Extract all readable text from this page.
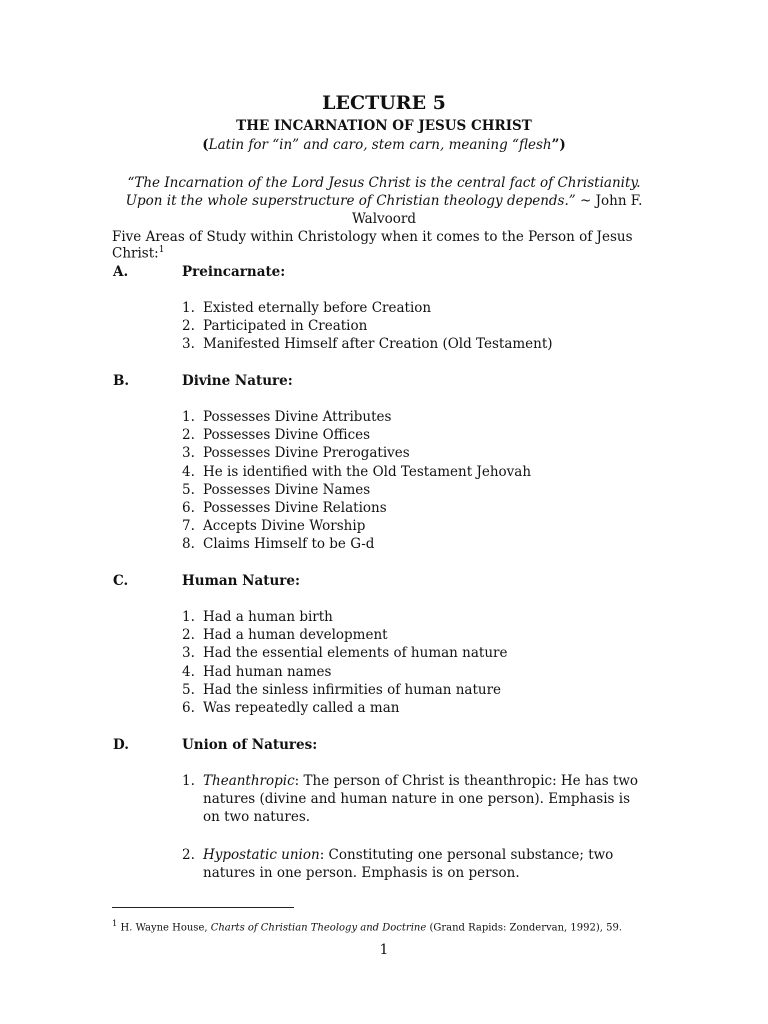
LECTURE 5
THE INCARNATION OF JESUS CHRIST
(Latin for “in” and caro, stem carn, meaning “flesh”)
“The Incarnation of the Lord Jesus Christ is the central fact of Christianity. Upon it the whole superstructure of Christian theology depends.” ~ John F. Walvoord
Five Areas of Study within Christology when it comes to the Person of Jesus Christ:$^1$
A.	Preincarnate:
1. Existed eternally before Creation
2. Participated in Creation
3. Manifested Himself after Creation (Old Testament)
B.	Divine Nature:
1. Possesses Divine Attributes
2. Possesses Divine Offices
3. Possesses Divine Prerogatives
4. He is identified with the Old Testament Jehovah
5. Possesses Divine Names
6. Possesses Divine Relations
7. Accepts Divine Worship
8. Claims Himself to be G-d
C.	Human Nature:
1. Had a human birth
2. Had a human development
3. Had the essential elements of human nature
4. Had human names
5. Had the sinless infirmities of human nature
6. Was repeatedly called a man
D.	Union of Natures:
1. Theanthropic: The person of Christ is theanthropic: He has two natures (divine and human nature in one person). Emphasis is on two natures.
2. Hypostatic union: Constituting one personal substance; two natures in one person. Emphasis is on person.
$^1$ H. Wayne House, Charts of Christian Theology and Doctrine (Grand Rapids: Zondervan, 1992), 59.
1
